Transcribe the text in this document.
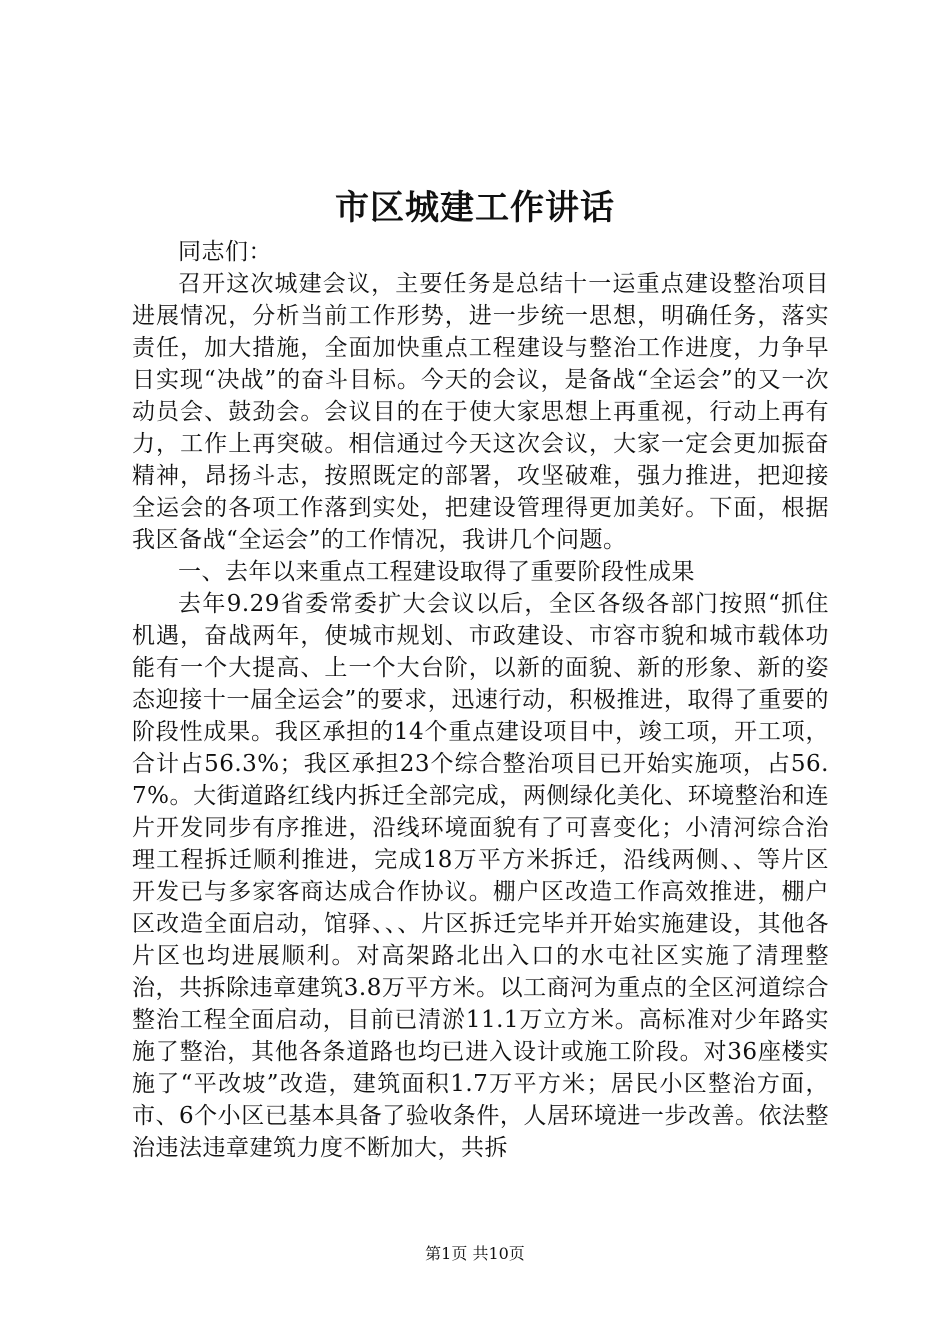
市区城建工作讲话

同志们：

召开这次城建会议，主要任务是总结十一运重点建设整治项目进展情况，分析当前工作形势，进一步统一思想，明确任务，落实责任，加大措施，全面加快重点工程建设与整治工作进度，力争早日实现“决战”的奋斗目标。今天的会议，是备战“全运会”的又一次动员会、鼓劲会。会议目的在于使大家思想上再重视，行动上再有力，工作上再突破。相信通过今天这次会议，大家一定会更加振奋精神，昂扬斗志，按照既定的部署，攻坚破难，强力推进，把迎接全运会的各项工作落到实处，把建设管理得更加美好。下面，根据我区备战“全运会”的工作情况，我讲几个问题。

一、去年以来重点工程建设取得了重要阶段性成果

去年9.29省委常委扩大会议以后，全区各级各部门按照“抓住机遇，奋战两年，使城市规划、市政建设、市容市貌和城市载体功能有一个大提高、上一个大台阶，以新的面貌、新的形象、新的姿态迎接十一届全运会”的要求，迅速行动，积极推进，取得了重要的阶段性成果。我区承担的14个重点建设项目中，竣工项，开工项，合计占56.3%；我区承担23个综合整治项目已开始实施项，占56.7%。大街道路红线内拆迁全部完成，两侧绿化美化、环境整治和连片开发同步有序推进，沿线环境面貌有了可喜变化；小清河综合治理工程拆迁顺利推进，完成18万平方米拆迁，沿线两侧、、等片区开发已与多家客商达成合作协议。棚户区改造工作高效推进，棚户区改造全面启动，馆驿、、、片区拆迁完毕并开始实施建设，其他各片区也均进展顺利。对高架路北出入口的水屯社区实施了清理整治，共拆除违章建筑3.8万平方米。以工商河为重点的全区河道综合整治工程全面启动，目前已清淤11.1万立方米。高标准对少年路实施了整治，其他各条道路也均已进入设计或施工阶段。对36座楼实施了“平改坡”改造，建筑面积1.7万平方米；居民小区整治方面，市、6个小区已基本具备了验收条件，人居环境进一步改善。依法整治违法违章建筑力度不断加大，共拆

第1页 共10页
